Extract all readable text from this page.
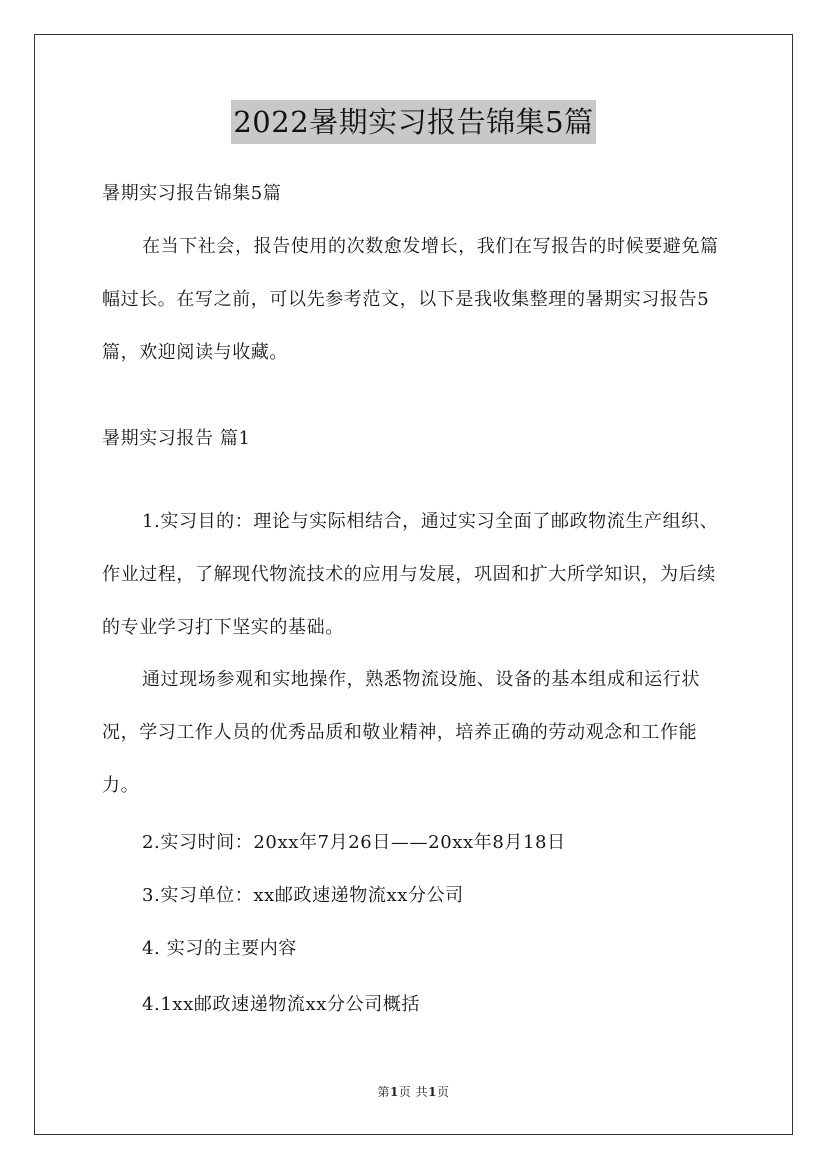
2022暑期实习报告锦集5篇

暑期实习报告锦集5篇

在当下社会，报告使用的次数愈发增长，我们在写报告的时候要避免篇幅过长。在写之前，可以先参考范文，以下是我收集整理的暑期实习报告5篇，欢迎阅读与收藏。

暑期实习报告 篇1

1.实习目的：理论与实际相结合，通过实习全面了邮政物流生产组织、作业过程，了解现代物流技术的应用与发展，巩固和扩大所学知识，为后续的专业学习打下坚实的基础。

通过现场参观和实地操作，熟悉物流设施、设备的基本组成和运行状况，学习工作人员的优秀品质和敬业精神，培养正确的劳动观念和工作能力。

2.实习时间：20xx年7月26日——20xx年8月18日

3.实习单位：xx邮政速递物流xx分公司

4. 实习的主要内容

4.1xx邮政速递物流xx分公司概括

第1页 共1页
